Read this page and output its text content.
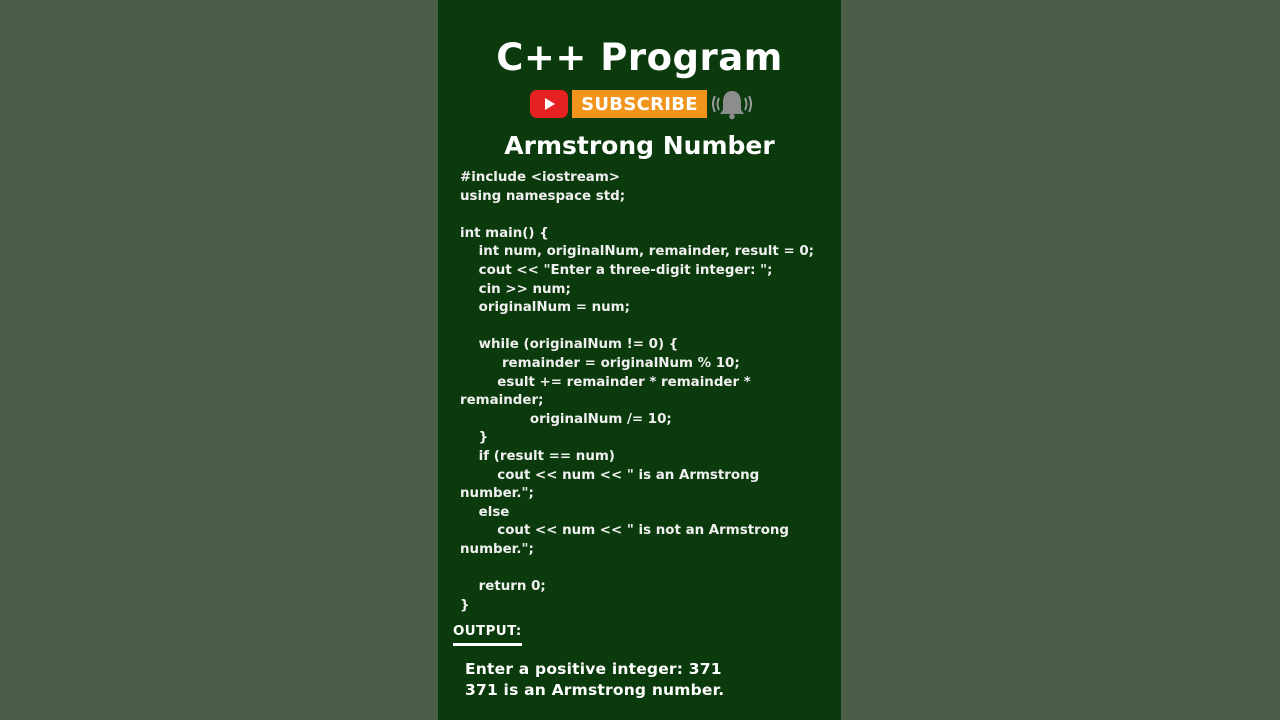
C++ Program
SUBSCRIBE
Armstrong Number
#include <iostream>
using namespace std;

int main() {
int num, originalNum, remainder, result = 0;
cout << "Enter a three-digit integer: ";
cin >> num;
originalNum = num;

while (originalNum != 0) {
remainder = originalNum % 10;
esult += remainder * remainder *
remainder;
originalNum /= 10;
}
if (result == num)
cout << num << " is an Armstrong
number.";
else
cout << num << " is not an Armstrong
number.";

return 0;
}
OUTPUT:
Enter a positive integer: 371
371 is an Armstrong number.
